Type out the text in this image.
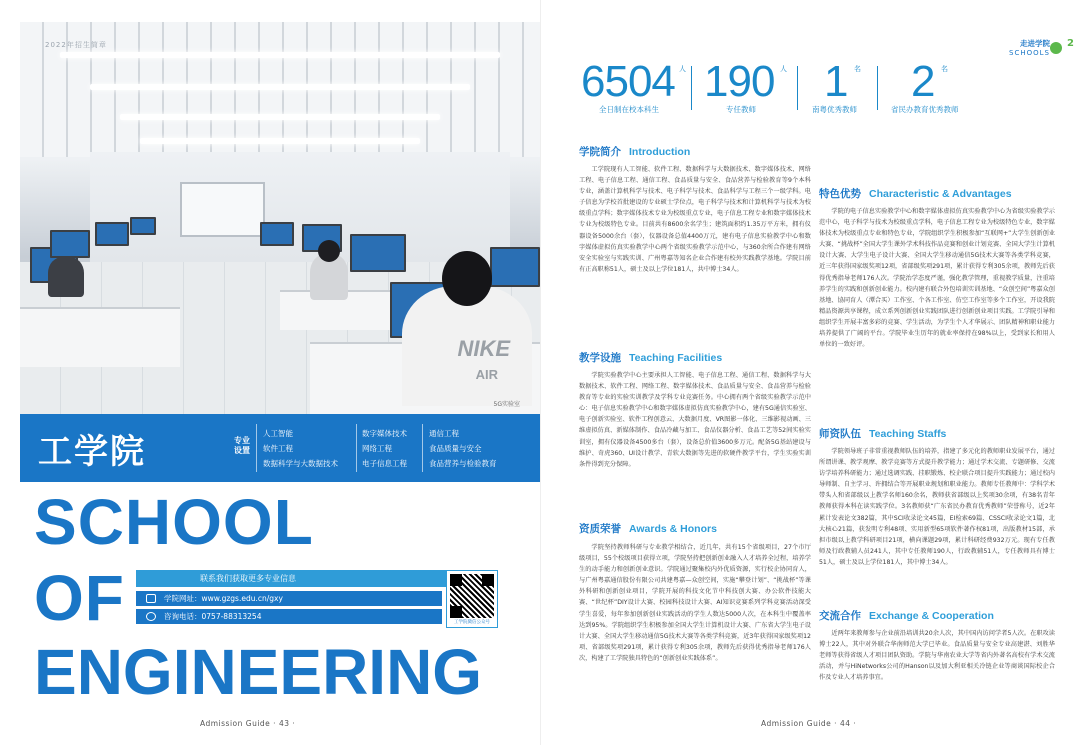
NIKE
AIR
5G实验室
2022年招生简章
工学院	专业设置
人工智能
软件工程
数据科学与大数据技术
数字媒体技术
网络工程
电子信息工程
通信工程
食品质量与安全
食品营养与检验教育
SCHOOL
OF
ENGINEERING
联系我们获取更多专业信息
学院网址：www.gzgs.edu.cn/gxy
咨询电话：0757-88313254
工学院微信公众号
Admission Guide · 43 ·
走进学院
SCHOOLS
2
6504 人
全日制在校本科生
190 人
专任教师
1 名
南粤优秀教师
2 名
省民办教育优秀教师
学院简介 Introduction
工学院现有人工智能、软件工程、数据科学与大数据技术、数字媒体技术、网络工程、电子信息工程、通信工程、食品质量与安全、食品营养与检验教育等9个本科专业，涵盖计算机科学与技术、电子科学与技术、食品科学与工程三个一级学科。电子信息为学校首批建设的专业硕士学位点，电子科学与技术和计算机科学与技术为校级重点学科；数字媒体技术专业为校级重点专业，电子信息工程专业和数字媒体技术专业为校级特色专业。目前共有8600余名学生；建筑面积约1.35万平方米，拥有仪器设备5000余台（套），仪器设备总值4400万元，建有电子信息实验教学中心和数字媒体虚拟仿真实验教学中心两个省级实验教学示范中心，与360余所合作建有网络安全实验室与实践实训、广州粤嘉等知名企业合作建有校外实践教学基地。学院目前有正高职称51人，硕士及以上学位181人，共中博士34人。
教学设施 Teaching Facilities
学院实验教学中心主要承担人工智能、电子信息工程、通信工程、数据科学与大数据技术、软件工程、网络工程、数字媒体技术、食品质量与安全、食品营养与检验教育等专业的实验实训教学及学科专业竞赛任务。中心拥有两个省级实验教学示范中心：电子信息实验教学中心和数字媒体虚拟仿真实验教学中心，建有5G通信实验室、电子创新实验室、软件工程创意云、大数据月度、VR图影一体化、三维影视动画、三维虚拟仿真、新媒体制作、食品冷藏与加工、食品仪器分析、食品工艺等52间实验实训室，拥有仪器设备4500多台（套），设备总价值3600多万元。配备5G基站建设与维护、奇虎360、UI设计教学、青软大数据等先进的软硬件教学平台，学生实验实训条件得到充分保障。
资质荣誉 Awards & Honors
学院坚持教师科研与专业教学相结合，近几年，共有15个省级项目，27个市厅级项目，55个校级项目获得立项，学院坚持把创新创业融入人才培养全过程，培养学生的动手能力和创新创业意识。学院通过聚集校内外优质资源，实行校企协同育人，与广州粤嘉通信股份有限公司共建粤嘉—众创空间，实施“攀登计划”、“挑战杯”等课外科研和创新创业项目，学院开展的科技文化节中科技创大赛、办公软件技能大赛、“世纪杯”DIY设计大赛、校园科技设计大赛、AI知识竞赛系列学科竞赛活动深受学生喜爱，每年参加创新创业实践活动的学生人数达5000人次，在本科生中覆盖率达到95%。学院组织学生积极参加全国大学生计算机设计大赛、广东省大学生电子设计大赛、全国大学生移动通信5G技术大赛等各类学科竞赛，近3年获得国家级奖项12项、省部级奖项291项，累计获得专利305余项，教师先后获得优秀指导老师176人次，构建了工学院独具特色的“创新创业实践体系”。
特色优势 Characteristic & Advantages
学院的电子信息实验教学中心和数字媒体虚拟仿真实验教学中心为省级实验教学示范中心，电子科学与技术为校级重点学科，电子信息工程专业为校级特色专业，数字媒体技术为校级重点专业和特色专业，学院组织学生积极参加“互联网+”大学生创新创业大赛、“挑战杯”全国大学生课外学术科技作品竞赛和创业计划竞赛、全国大学生计算机设计大赛、大学生电子设计大赛、全国大学生移动通信5G技术大赛等各类学科竞赛，近三年获得国家级奖项12项，省部级奖项291项，累计获得专利305余项，教师先后获得优秀指导老师176人次。学院治学态度严谨，强化教学管理，重视教学质量，注重培养学生的实践和创新创业能力。校内建有联合外包培训实训基地、“众创空间”粤嘉众创基地、協同育人（潭合买）工作室、个各工作室、仿空工作室等多个工作室，开设我院精品资源共享课程，成立系列创新创业实践团队进行创新创业项目实践。工学院引导和组织学生开展丰富多彩的竞赛、学生活动，为学生个人才华展示、团队精神和职业能力培养提供了广阔的平台。学院毕业生历年的就业率保持在98%以上，受到家长和用人单位的一致好评。
师资队伍 Teaching Staffs
学院领导班子非常重视教师队伍的培养，指建了多元化的教师职业发展平台，通过所谓讲课、教学观摩、教学竞赛等方式提升教学能力；通过学术交流、专题研修、交流访学培养科研能力；通过选调实践、挂职锻炼、校企联合项目提升实践能力；通过校内导师制、自主学习、许拥结合等开展职业规划和职业能力。教师专任教师中：学科学术带头人和省部级以上教学名师160余名，教师获省部级以上奖项30余项，有38名青年教师获得本科在读实践学位。3名教师获“广东省民办教育优秀教师”荣誉称号，近2年累计发表论文382篇，其中SCI收录论文45篇，EI检索69篇、CSSCI收录论文1篇，北大核心21篇，获发明专利48项、实用新型65项软件著作权81项，出版教材15部，承担市级以上教学科研项目21项，横向课题29项，累计科研经费932万元。现有专任教师及行政教辅人员241人，其中专任教师190人，行政教辅51人，专任教师具有博士51人，硕士及以上学位181人，其中博士34人。
交流合作 Exchange & Cooperation
近两年来教师参与企业前沿培训共20余人次，其中国内访问学者5人次。在职攻读博士22人，其中对外联合华南师范大学已毕业。食品质量与安全专业高建湛、刘胜华老师等获得省级人才项目团队资助。学院与华南农业大学等省内外著名高校有学术交流活动，并与HiNetworks公司的Hanson以及加大利亚相关冷链企业等商谈国际校企合作及专业人才培养事宜。
Admission Guide · 44 ·
